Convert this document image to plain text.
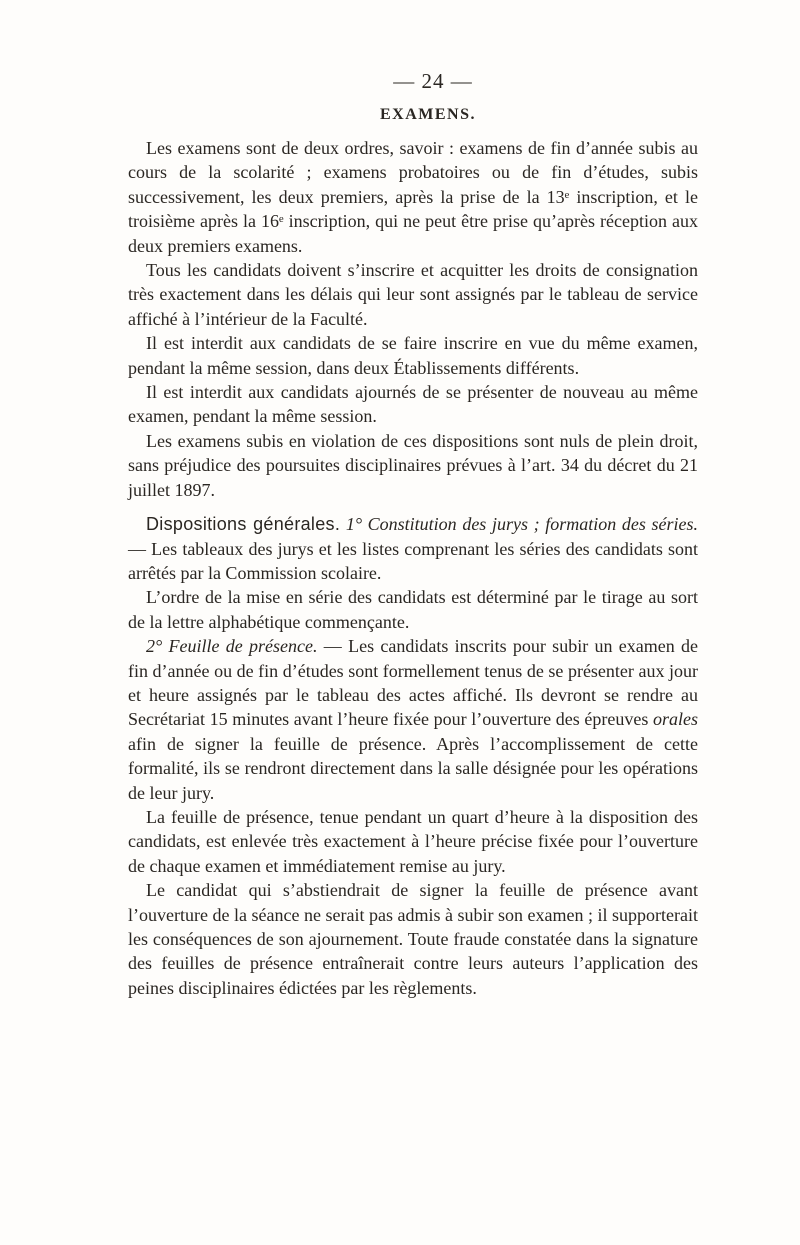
— 24 —
EXAMENS.

Les examens sont de deux ordres, savoir : examens de fin d’année subis au cours de la scolarité ; examens probatoires ou de fin d’études, subis successivement, les deux premiers, après la prise de la 13ᵉ inscription, et le troisième après la 16ᵉ inscription, qui ne peut être prise qu’après réception aux deux premiers examens.

Tous les candidats doivent s’inscrire et acquitter les droits de consignation très exactement dans les délais qui leur sont assignés par le tableau de service affiché à l’intérieur de la Faculté.

Il est interdit aux candidats de se faire inscrire en vue du même examen, pendant la même session, dans deux Établissements différents.

Il est interdit aux candidats ajournés de se présenter de nouveau au même examen, pendant la même session.

Les examens subis en violation de ces dispositions sont nuls de plein droit, sans préjudice des poursuites disciplinaires prévues à l’art. 34 du décret du 21 juillet 1897.

Dispositions générales. 1° Constitution des jurys ; formation des séries. — Les tableaux des jurys et les listes comprenant les séries des candidats sont arrêtés par la Commission scolaire.

L’ordre de la mise en série des candidats est déterminé par le tirage au sort de la lettre alphabétique commençante.

2° Feuille de présence. — Les candidats inscrits pour subir un examen de fin d’année ou de fin d’études sont formellement tenus de se présenter aux jour et heure assignés par le tableau des actes affiché. Ils devront se rendre au Secrétariat 15 minutes avant l’heure fixée pour l’ouverture des épreuves orales afin de signer la feuille de présence. Après l’accomplissement de cette formalité, ils se rendront directement dans la salle désignée pour les opérations de leur jury.

La feuille de présence, tenue pendant un quart d’heure à la disposition des candidats, est enlevée très exactement à l’heure précise fixée pour l’ouverture de chaque examen et immédiatement remise au jury.

Le candidat qui s’abstiendrait de signer la feuille de présence avant l’ouverture de la séance ne serait pas admis à subir son examen ; il supporterait les conséquences de son ajournement. Toute fraude constatée dans la signature des feuilles de présence entraînerait contre leurs auteurs l’application des peines disciplinaires édictées par les règlements.
